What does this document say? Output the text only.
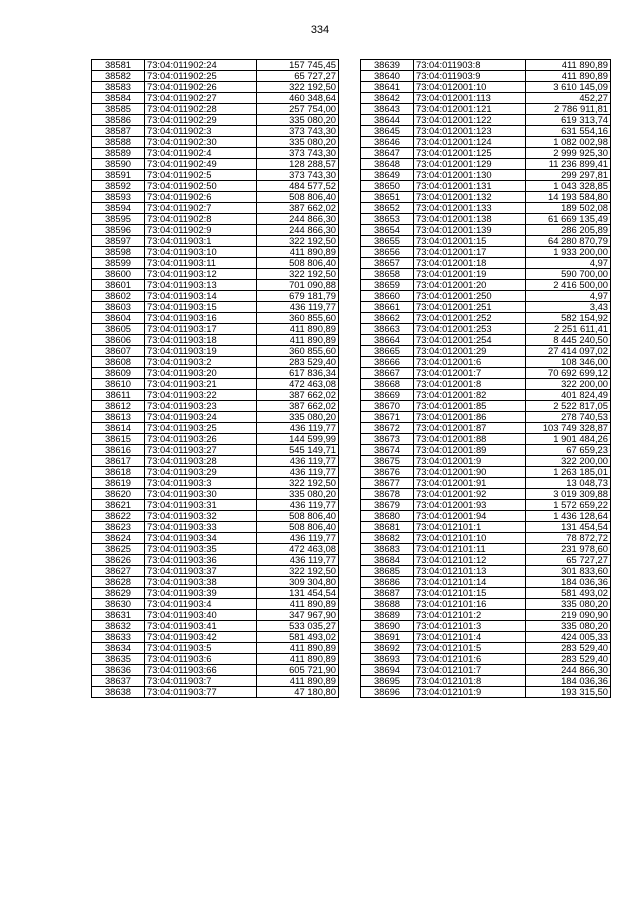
334
38581	73:04:011902:24	157 745,45
38582	73:04:011902:25	65 727,27
38583	73:04:011902:26	322 192,50
38584	73:04:011902:27	460 348,64
38585	73:04:011902:28	257 754,00
38586	73:04:011902:29	335 080,20
38587	73:04:011902:3	373 743,30
38588	73:04:011902:30	335 080,20
38589	73:04:011902:4	373 743,30
38590	73:04:011902:49	128 288,57
38591	73:04:011902:5	373 743,30
38592	73:04:011902:50	484 577,52
38593	73:04:011902:6	508 806,40
38594	73:04:011902:7	387 662,02
38595	73:04:011902:8	244 866,30
38596	73:04:011902:9	244 866,30
38597	73:04:011903:1	322 192,50
38598	73:04:011903:10	411 890,89
38599	73:04:011903:11	508 806,40
38600	73:04:011903:12	322 192,50
38601	73:04:011903:13	701 090,88
38602	73:04:011903:14	679 181,79
38603	73:04:011903:15	436 119,77
38604	73:04:011903:16	360 855,60
38605	73:04:011903:17	411 890,89
38606	73:04:011903:18	411 890,89
38607	73:04:011903:19	360 855,60
38608	73:04:011903:2	283 529,40
38609	73:04:011903:20	617 836,34
38610	73:04:011903:21	472 463,08
38611	73:04:011903:22	387 662,02
38612	73:04:011903:23	387 662,02
38613	73:04:011903:24	335 080,20
38614	73:04:011903:25	436 119,77
38615	73:04:011903:26	144 599,99
38616	73:04:011903:27	545 149,71
38617	73:04:011903:28	436 119,77
38618	73:04:011903:29	436 119,77
38619	73:04:011903:3	322 192,50
38620	73:04:011903:30	335 080,20
38621	73:04:011903:31	436 119,77
38622	73:04:011903:32	508 806,40
38623	73:04:011903:33	508 806,40
38624	73:04:011903:34	436 119,77
38625	73:04:011903:35	472 463,08
38626	73:04:011903:36	436 119,77
38627	73:04:011903:37	322 192,50
38628	73:04:011903:38	309 304,80
38629	73:04:011903:39	131 454,54
38630	73:04:011903:4	411 890,89
38631	73:04:011903:40	347 967,90
38632	73:04:011903:41	533 035,27
38633	73:04:011903:42	581 493,02
38634	73:04:011903:5	411 890,89
38635	73:04:011903:6	411 890,89
38636	73:04:011903:66	605 721,90
38637	73:04:011903:7	411 890,89
38638	73:04:011903:77	47 180,80
38639	73:04:011903:8	411 890,89
38640	73:04:011903:9	411 890,89
38641	73:04:012001:10	3 610 145,09
38642	73:04:012001:113	452,27
38643	73:04:012001:121	2 786 911,81
38644	73:04:012001:122	619 313,74
38645	73:04:012001:123	631 554,16
38646	73:04:012001:124	1 082 002,98
38647	73:04:012001:125	2 999 925,30
38648	73:04:012001:129	11 236 899,41
38649	73:04:012001:130	299 297,81
38650	73:04:012001:131	1 043 328,85
38651	73:04:012001:132	14 193 584,80
38652	73:04:012001:133	189 502,08
38653	73:04:012001:138	61 669 135,49
38654	73:04:012001:139	286 205,89
38655	73:04:012001:15	64 280 870,79
38656	73:04:012001:17	1 933 200,00
38657	73:04:012001:18	4,97
38658	73:04:012001:19	590 700,00
38659	73:04:012001:20	2 416 500,00
38660	73:04:012001:250	4,97
38661	73:04:012001:251	3,43
38662	73:04:012001:252	582 154,92
38663	73:04:012001:253	2 251 611,41
38664	73:04:012001:254	8 445 240,50
38665	73:04:012001:29	27 414 097,02
38666	73:04:012001:6	108 346,00
38667	73:04:012001:7	70 692 699,12
38668	73:04:012001:8	322 200,00
38669	73:04:012001:82	401 824,49
38670	73:04:012001:85	2 522 817,05
38671	73:04:012001:86	278 740,53
38672	73:04:012001:87	103 749 328,87
38673	73:04:012001:88	1 901 484,26
38674	73:04:012001:89	67 659,23
38675	73:04:012001:9	322 200,00
38676	73:04:012001:90	1 263 185,01
38677	73:04:012001:91	13 048,73
38678	73:04:012001:92	3 019 309,88
38679	73:04:012001:93	1 572 659,22
38680	73:04:012001:94	1 436 128,64
38681	73:04:012101:1	131 454,54
38682	73:04:012101:10	78 872,72
38683	73:04:012101:11	231 978,60
38684	73:04:012101:12	65 727,27
38685	73:04:012101:13	301 833,60
38686	73:04:012101:14	184 036,36
38687	73:04:012101:15	581 493,02
38688	73:04:012101:16	335 080,20
38689	73:04:012101:2	219 090,90
38690	73:04:012101:3	335 080,20
38691	73:04:012101:4	424 005,33
38692	73:04:012101:5	283 529,40
38693	73:04:012101:6	283 529,40
38694	73:04:012101:7	244 866,30
38695	73:04:012101:8	184 036,36
38696	73:04:012101:9	193 315,50
